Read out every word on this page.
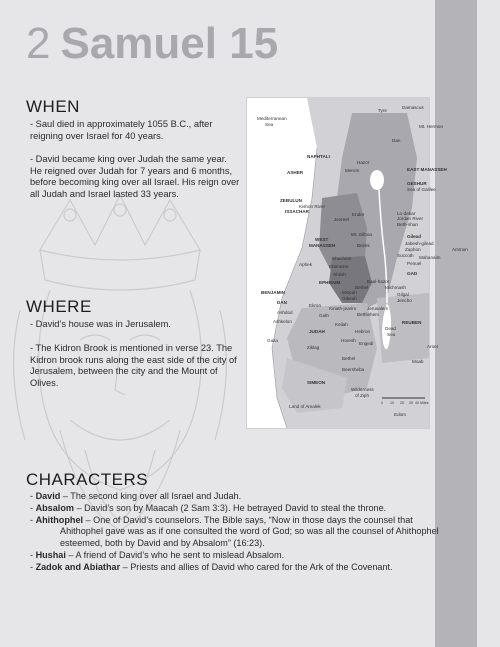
2 Samuel 15
WHEN

- Saul died in approximately 1055 B.C., after reigning over Israel for 40 years.

- David became king over Judah the same year. He reigned over Judah for 7 years and 6 months, before becoming king over all Israel. His reign over all Judah and Israel lasted 33 years.

WHERE

- David’s house was in Jerusalem.

- The Kidron Brook is mentioned in verse 23. The Kidron brook runs along the east side of the city of Jerusalem, between the city and the Mount of Olives.

Tyre
Damascus
Mediterranean
Sea	Mt. Hermon
Dan
NAPHTALI
Hazor
ASHER	Merom	EAST MANASSEH
GESHUR
Sea of Galilee
ZEBULUN
Kishon River
ISSACHAR
Jezreel
Endor	Lo-debar
Jordan River
Beth-shan
Mt. Gilboa	Gilead
WEST
MANASSEH	Bezek	Jabesh-gilead
Zaphon	Ammon
Succoth Mahanaim
Shechem
Penuel
Aphek	Ebenezer
GAD
Shiloh
EPHRAIM	Baal-hazor
Bethel	Michmash
BENJAMIN	Mizpah
Gibeah
Gilgal
Jericho
DAN
Ekron
Kiriath-jearim Jerusalem
Ashdod
Gath	Bethlehem
Ashkelon
Keilah	REUBEN
JUDAH	Hebron
Dead
Sea
Gaza
Ziklag
Horesh
Engedi
Aroer
Moab
Bethel
Beersheba
SIMEON
Wilderness
of Ziph
Land of Amalek
Edom
0 10 20 30 40 Miles
CHARACTERS
- David – The second king over all Israel and Judah.
- Absalom – David’s son by Maacah (2 Sam 3:3). He betrayed David to steal the throne.
- Ahithophel – One of David’s counselors. The Bible says, “Now in those days the counsel that
Ahithophel gave was as if one consulted the word of God; so was all the counsel of Ahithophel esteemed, both by David and by Absalom” (16:23).
- Hushai – A friend of David’s who he sent to mislead Absalom.
- Zadok and Abiathar – Priests and allies of David who cared for the Ark of the Covenant.
